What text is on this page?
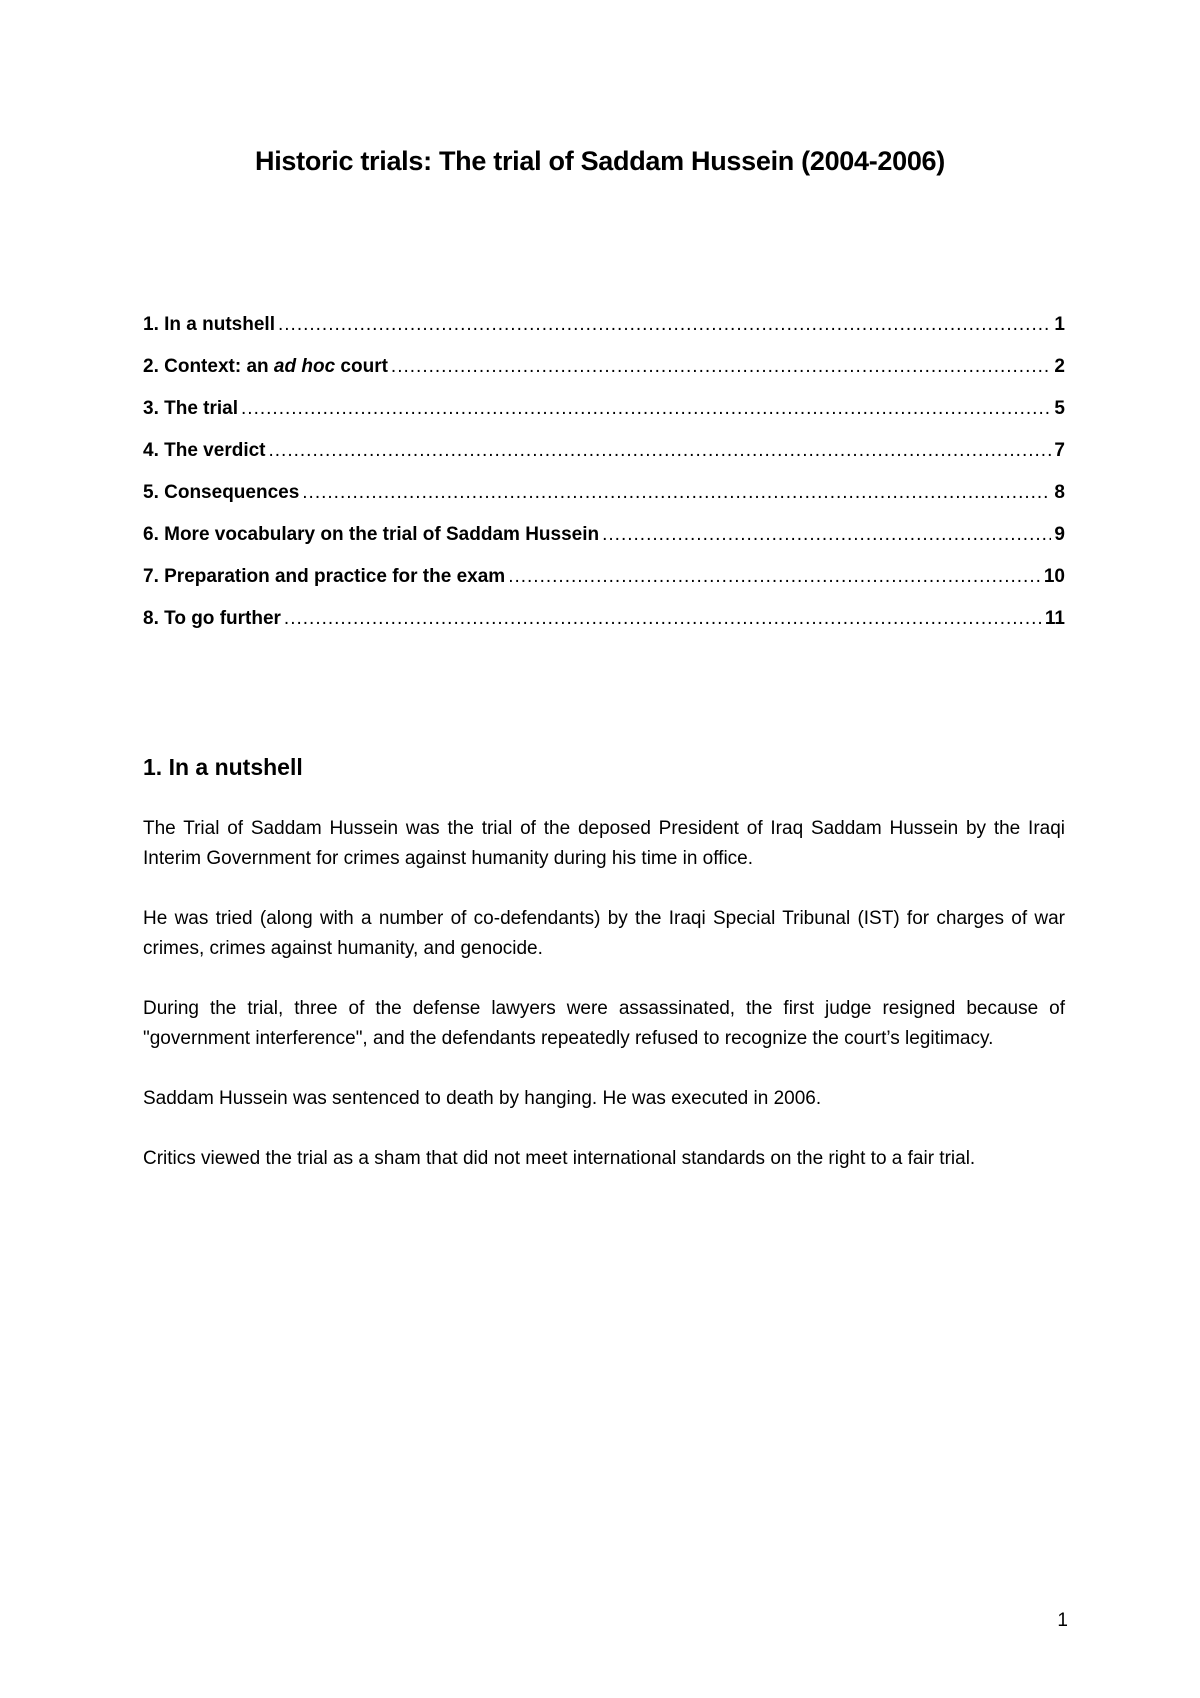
Historic trials: The trial of Saddam Hussein (2004-2006)
1. In a nutshell .....	1
2. Context: an ad hoc court .....	2
3. The trial .....	5
4. The verdict .....	7
5. Consequences .....	8
6. More vocabulary on the trial of Saddam Hussein .....	9
7. Preparation and practice for the exam .....	10
8. To go further .....	11
1. In a nutshell

The Trial of Saddam Hussein was the trial of the deposed President of Iraq Saddam Hussein by the Iraqi Interim Government for crimes against humanity during his time in office.

He was tried (along with a number of co-defendants) by the Iraqi Special Tribunal (IST) for charges of war crimes, crimes against humanity, and genocide.

During the trial, three of the defense lawyers were assassinated, the first judge resigned because of "government interference", and the defendants repeatedly refused to recognize the court’s legitimacy.

Saddam Hussein was sentenced to death by hanging. He was executed in 2006.

Critics viewed the trial as a sham that did not meet international standards on the right to a fair trial.

1
